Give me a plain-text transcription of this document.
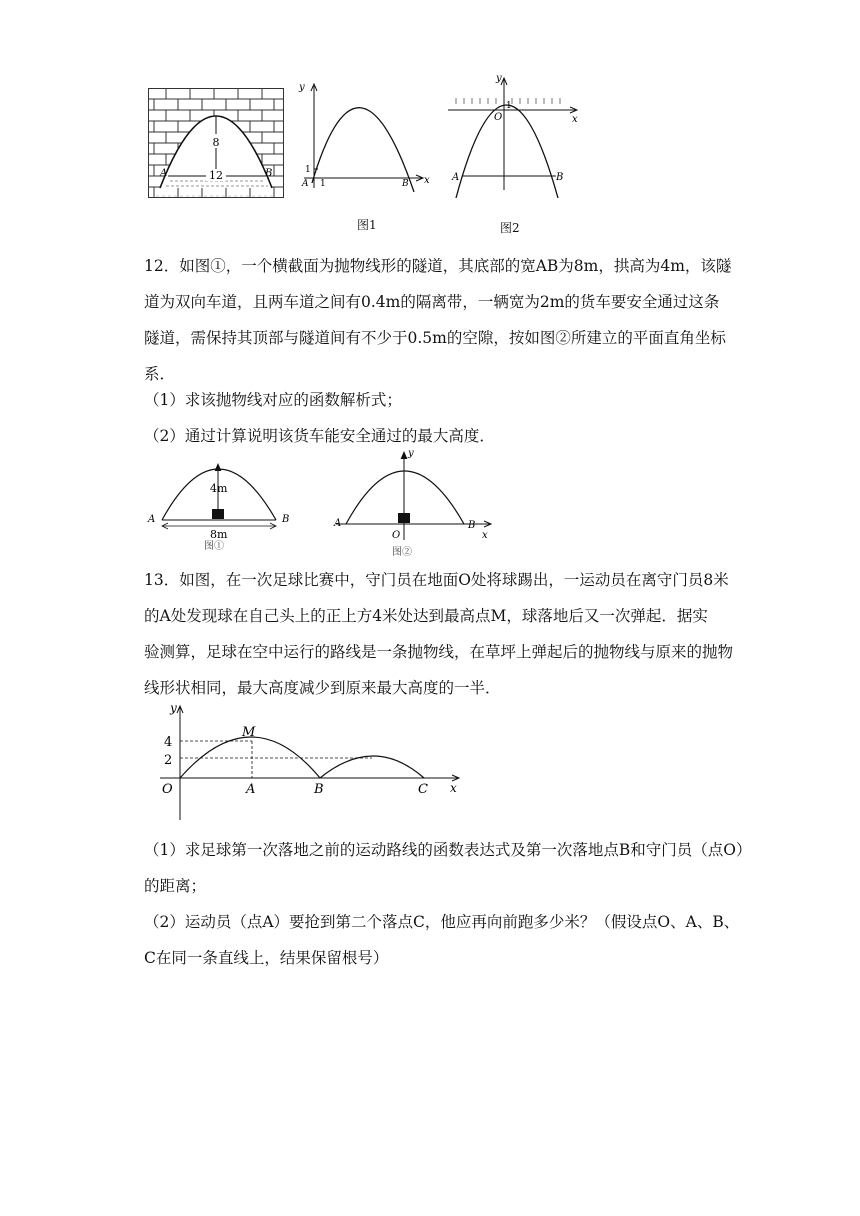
8
12
A	B
y
x
1
A 1	B
图1
y
x
1
O
A	B
图2
12．如图①，一个横截面为抛物线形的隧道，其底部的宽AB为8m，拱高为4m，该隧
道为双向车道，且两车道之间有0.4m的隔离带，一辆宽为2m的货车要安全通过这条
隧道，需保持其顶部与隧道间有不少于0.5m的空隙，按如图②所建立的平面直角坐标
系．
（1）求该抛物线对应的函数解析式；
（2）通过计算说明该货车能安全通过的最大高度．
4m
8m
A	B
图①
y
x
O
A	B
图②
13．如图，在一次足球比赛中，守门员在地面O处将球踢出，一运动员在离守门员8米
的A处发现球在自己头上的正上方4米处达到最高点M，球落地后又一次弹起．据实
验测算，足球在空中运行的路线是一条抛物线，在草坪上弹起后的抛物线与原来的抛物
线形状相同，最大高度减少到原来最大高度的一半．
y
x
M
4
2
O	A	B	C
（1）求足球第一次落地之前的运动路线的函数表达式及第一次落地点B和守门员（点O）
的距离；
（2）运动员（点A）要抢到第二个落点C，他应再向前跑多少米？（假设点O、A、B、
C在同一条直线上，结果保留根号）
